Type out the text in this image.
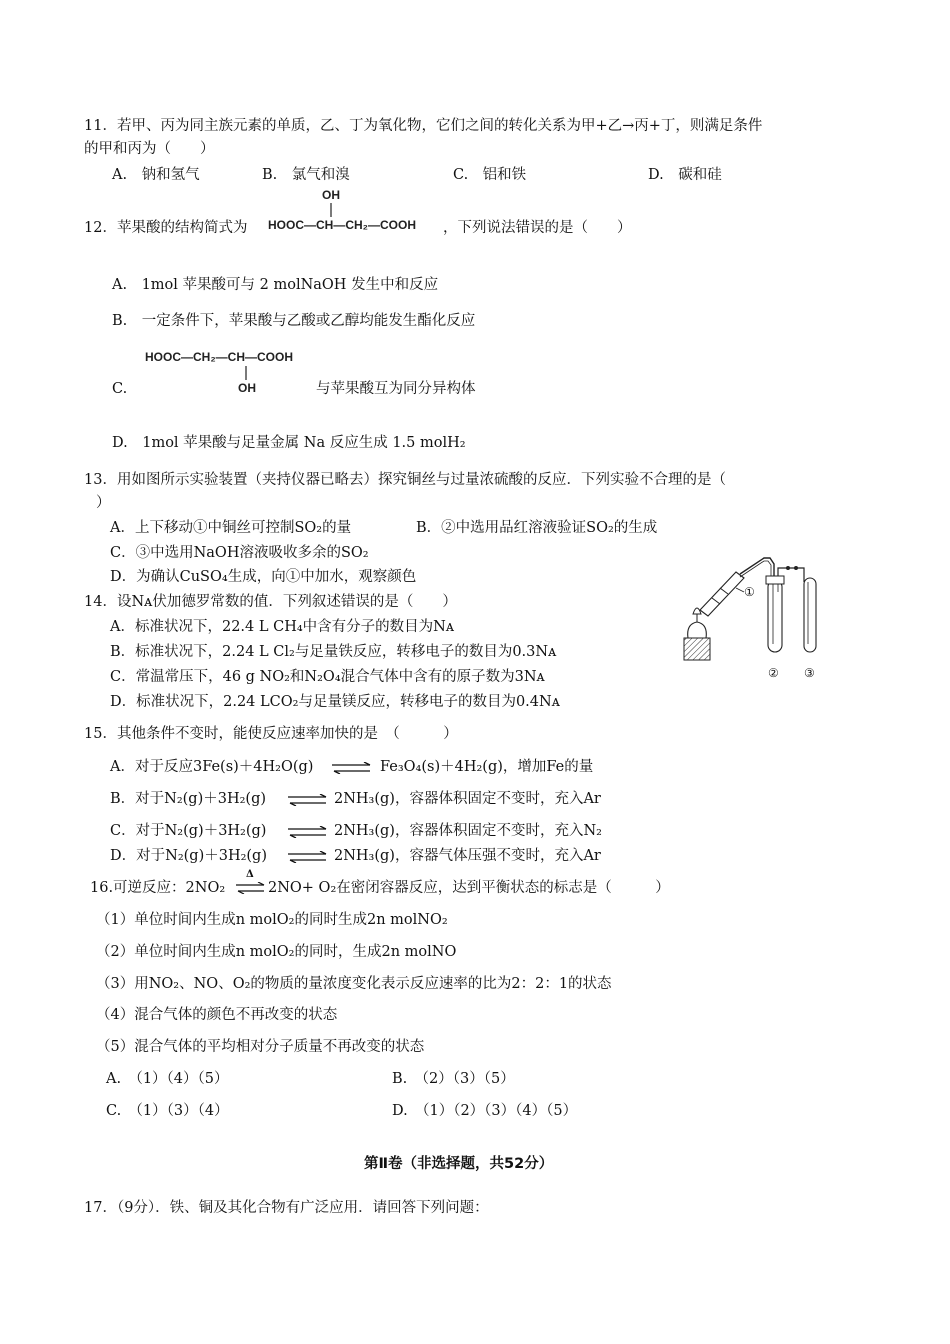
11．若甲、丙为同主族元素的单质，乙、丁为氧化物，它们之间的转化关系为甲+乙→丙+丁，则满足条件
的甲和丙为（　　）
A.　钠和氢气	B.　氯气和溴	C.　铝和铁	D.　碳和硅
12．苹果酸的结构简式为
OH
HOOC—CH—CH₂—COOH ，下列说法错误的是（　　）
A.　1mol 苹果酸可与 2 molNaOH 发生中和反应
B.　一定条件下，苹果酸与乙酸或乙醇均能发生酯化反应
HOOC—CH₂—CH—COOH
OH
C.	与苹果酸互为同分异构体
D.　1mol 苹果酸与足量金属 Na 反应生成 1.5 molH₂
13．用如图所示实验装置（夹持仪器已略去）探究铜丝与过量浓硫酸的反应．下列实验不合理的是（
）
A．上下移动①中铜丝可控制SO₂的量	B．②中选用品红溶液验证SO₂的生成
C．③中选用NaOH溶液吸收多余的SO₂
D．为确认CuSO₄生成，向①中加水，观察颜色
①
② ③
14．设Nᴀ伏加德罗常数的值．下列叙述错误的是（　　）
A．标准状况下，22.4 L CH₄中含有分子的数目为Nᴀ
B．标准状况下，2.24 L Cl₂与足量铁反应，转移电子的数目为0.3Nᴀ
C．常温常压下，46 g NO₂和N₂O₄混合气体中含有的原子数为3Nᴀ
D．标准状况下，2.24 LCO₂与足量镁反应，转移电子的数目为0.4Nᴀ
15．其他条件不变时，能使反应速率加快的是　（　　　）
A．对于反应3Fe(s)＋4H₂O(g) ⇌ Fe₃O₄(s)＋4H₂(g)，增加Fe的量
B．对于N₂(g)＋3H₂(g) ⇌ 2NH₃(g)，容器体积固定不变时，充入Ar
C．对于N₂(g)＋3H₂(g) ⇌ 2NH₃(g)，容器体积固定不变时，充入N₂
D．对于N₂(g)＋3H₂(g) ⇌ 2NH₃(g)，容器气体压强不变时，充入Ar
16.可逆反应：2NO₂
Δ
⇌ 2NO+ O₂在密闭容器反应，达到平衡状态的标志是（　　　）
（1）单位时间内生成n molO₂的同时生成2n molNO₂
（2）单位时间内生成n molO₂的同时，生成2n molNO
（3）用NO₂、NO、O₂的物质的量浓度变化表示反应速率的比为2：2：1的状态
（4）混合气体的颜色不再改变的状态
（5）混合气体的平均相对分子质量不再改变的状态
A.　（1）（4）（5）	B.　（2）（3）（5）
C.　（1）（3）（4）	D.　（1）（2）（3）（4）（5）
第Ⅱ卷（非选择题，共52分）
17．（9分）．铁、铜及其化合物有广泛应用．请回答下列问题：
